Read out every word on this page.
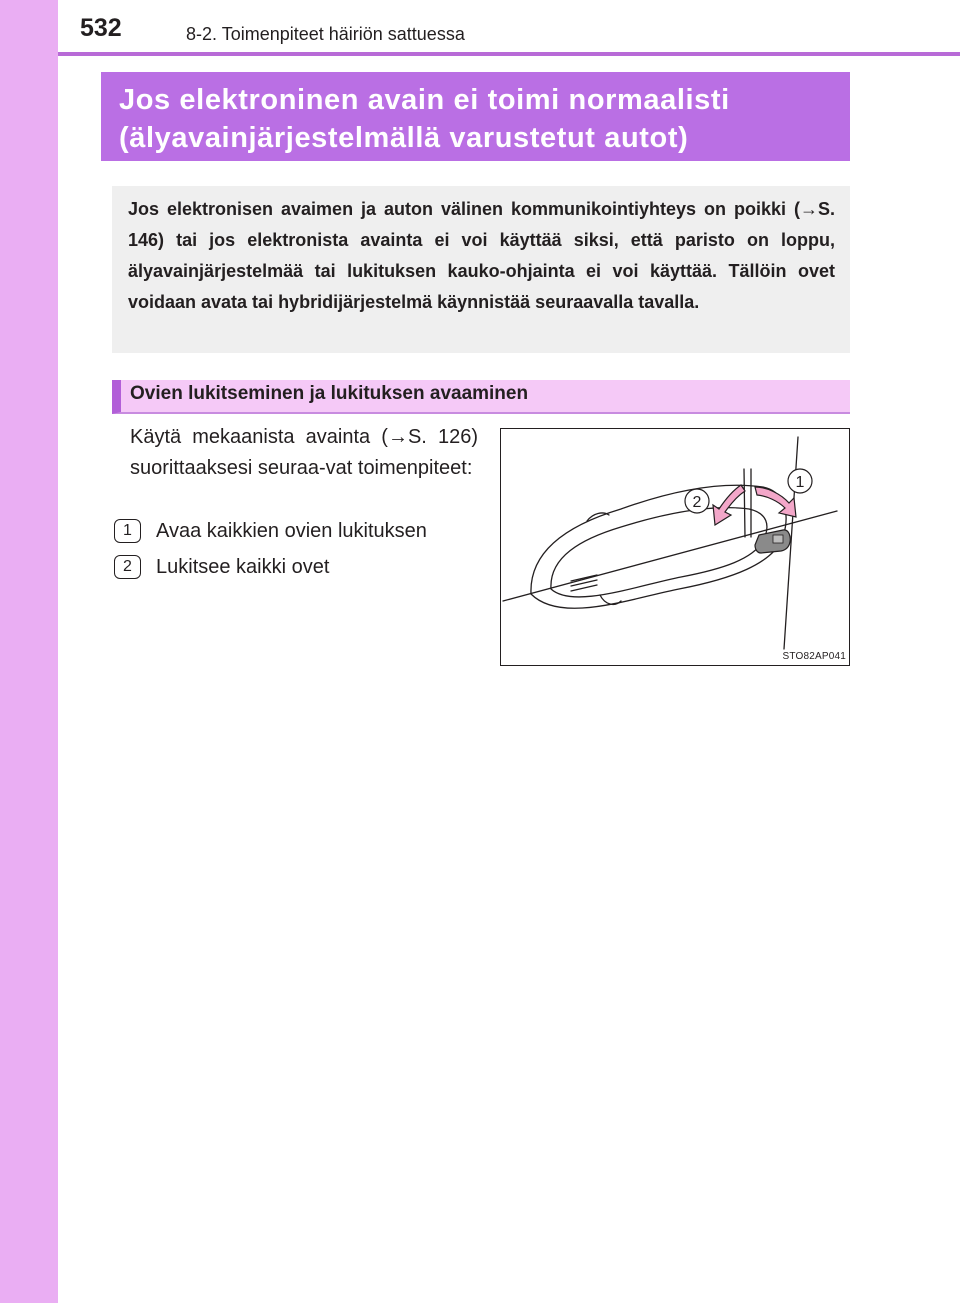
532	8-2. Toimenpiteet häiriön sattuessa
Jos elektroninen avain ei toimi normaalisti
(älyavainjärjestelmällä varustetut autot)

Jos elektronisen avaimen ja auton välinen kommunikointiyhteys on poikki (→S. 146) tai jos elektronista avainta ei voi käyttää siksi, että paristo on loppu, älyavainjärjestelmää tai lukituksen kauko-ohjainta ei voi käyttää. Tällöin ovet voidaan avata tai hybridijärjestelmä käynnistää seuraavalla tavalla.

Ovien lukitseminen ja lukituksen avaaminen

Käytä mekaanista avainta (→S. 126) suorittaaksesi seuraa-vat toimenpiteet:

1	Avaa kaikkien ovien lukituksen
2	Lukitsee kaikki ovet
1
2
STO82AP041
